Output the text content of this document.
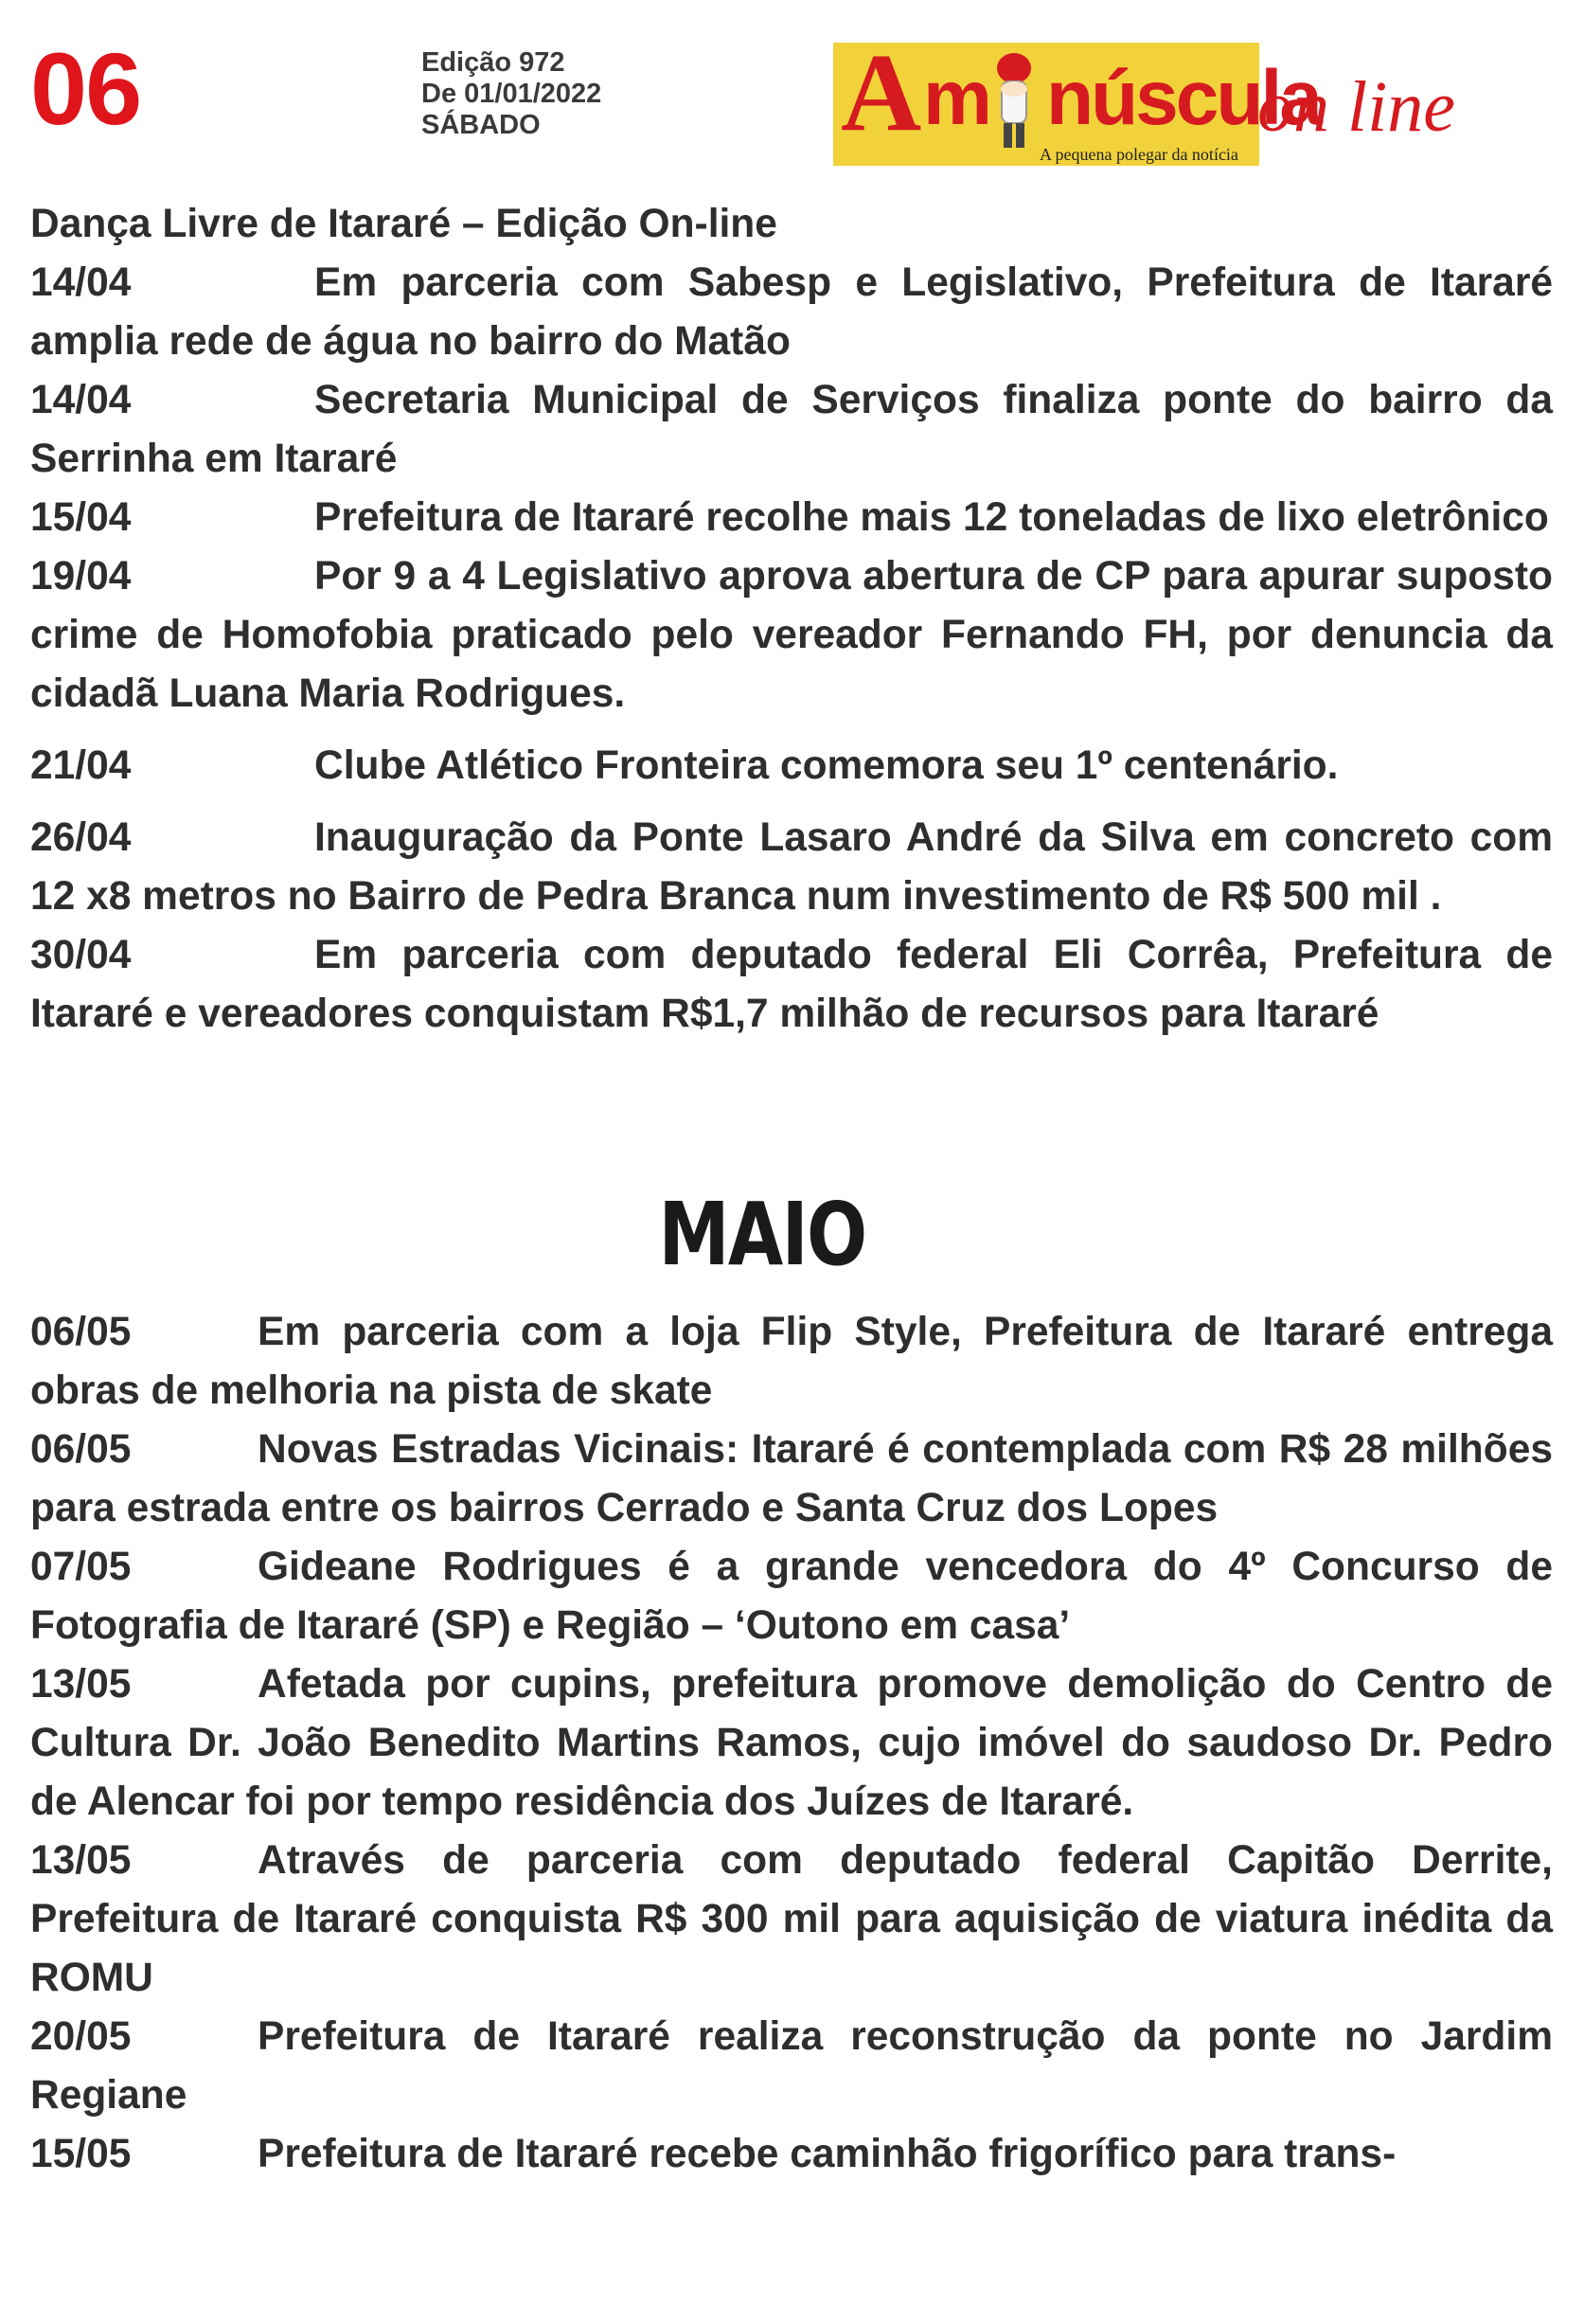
06	Edição 972
De 01/01/2022
SÁBADO	A m núscula
on line
A pequena polegar da notícia

Dança Livre de Itararé – Edição On-line

14/04	Em parceria com Sabesp e Legislativo, Prefeitura de Itararé amplia rede de água no bairro do Matão

14/04	Secretaria Municipal de Serviços finaliza ponte do bairro da Serrinha em Itararé

15/04	Prefeitura de Itararé recolhe mais 12 toneladas de lixo eletrônico

19/04	Por 9 a 4 Legislativo aprova abertura de CP para apurar suposto crime de Homofobia praticado pelo vereador Fernando FH, por denuncia da cidadã Luana Maria Rodrigues.

21/04	Clube Atlético Fronteira comemora seu 1º centenário.

26/04	Inauguração da Ponte Lasaro André da Silva em concreto com 12 x8 metros no Bairro de Pedra Branca num investimento de R$ 500 mil .

30/04	Em parceria com deputado federal Eli Corrêa, Prefeitura de Itararé e vereadores conquistam R$1,7 milhão de recursos para Itararé

MAIO

06/05	Em parceria com a loja Flip Style, Prefeitura de Itararé entrega obras de melhoria na pista de skate

06/05	Novas Estradas Vicinais: Itararé é contemplada com R$ 28 milhões para estrada entre os bairros Cerrado e Santa Cruz dos Lopes

07/05	Gideane Rodrigues é a grande vencedora do 4º Concurso de Fotografia de Itararé (SP) e Região – ‘Outono em casa’

13/05	Afetada por cupins, prefeitura promove demolição do Centro de Cultura Dr. João Benedito Martins Ramos, cujo imóvel do saudoso Dr. Pedro de Alencar foi por tempo residência dos Juízes de Itararé.

13/05	Através de parceria com deputado federal Capitão Derrite, Prefeitura de Itararé conquista R$ 300 mil para aquisição de viatura inédita da ROMU

20/05	Prefeitura de Itararé realiza reconstrução da ponte no Jardim Regiane

15/05	Prefeitura de Itararé recebe caminhão frigorífico para trans-
